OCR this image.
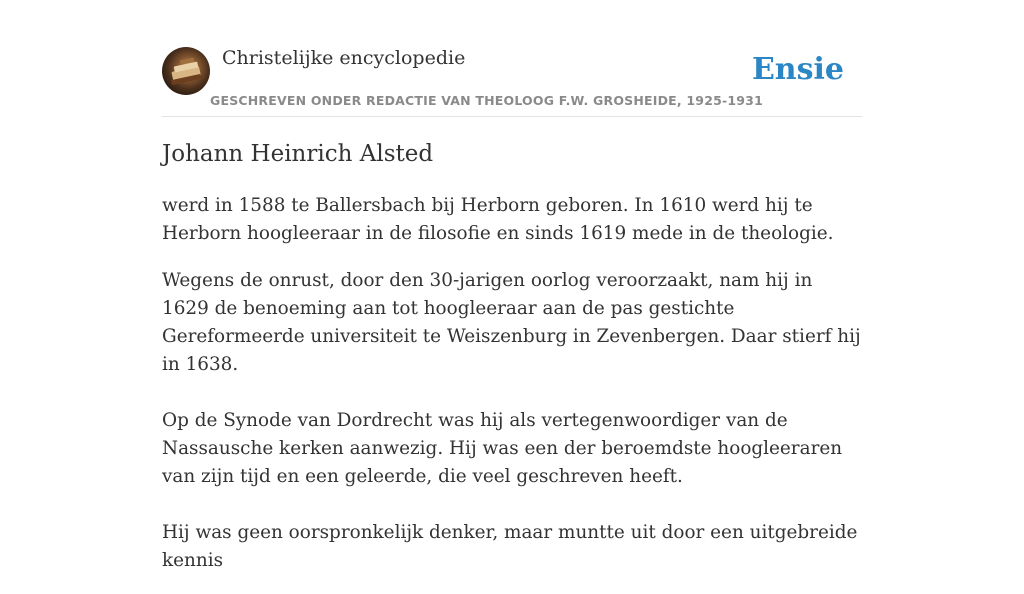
Christelijke encyclopedie
GESCHREVEN ONDER REDACTIE VAN THEOLOOG F.W. GROSHEIDE, 1925-1931
Ensie
Johann Heinrich Alsted

werd in 1588 te Ballersbach bij Herborn geboren. In 1610 werd hij te Herborn hoogleeraar in de filosofie en sinds 1619 mede in de theologie.

Wegens de onrust, door den 30-jarigen oorlog veroorzaakt, nam hij in 1629 de benoeming aan tot hoogleeraar aan de pas gestichte Gereformeerde universiteit te Weiszenburg in Zevenbergen. Daar stierf hij in 1638.

Op de Synode van Dordrecht was hij als vertegenwoordiger van de Nassausche kerken aanwezig. Hij was een der beroemdste hoogleeraren van zijn tijd en een geleerde, die veel geschreven heeft.

Hij was geen oorspronkelijk denker, maar muntte uit door een uitgebreide kennis
